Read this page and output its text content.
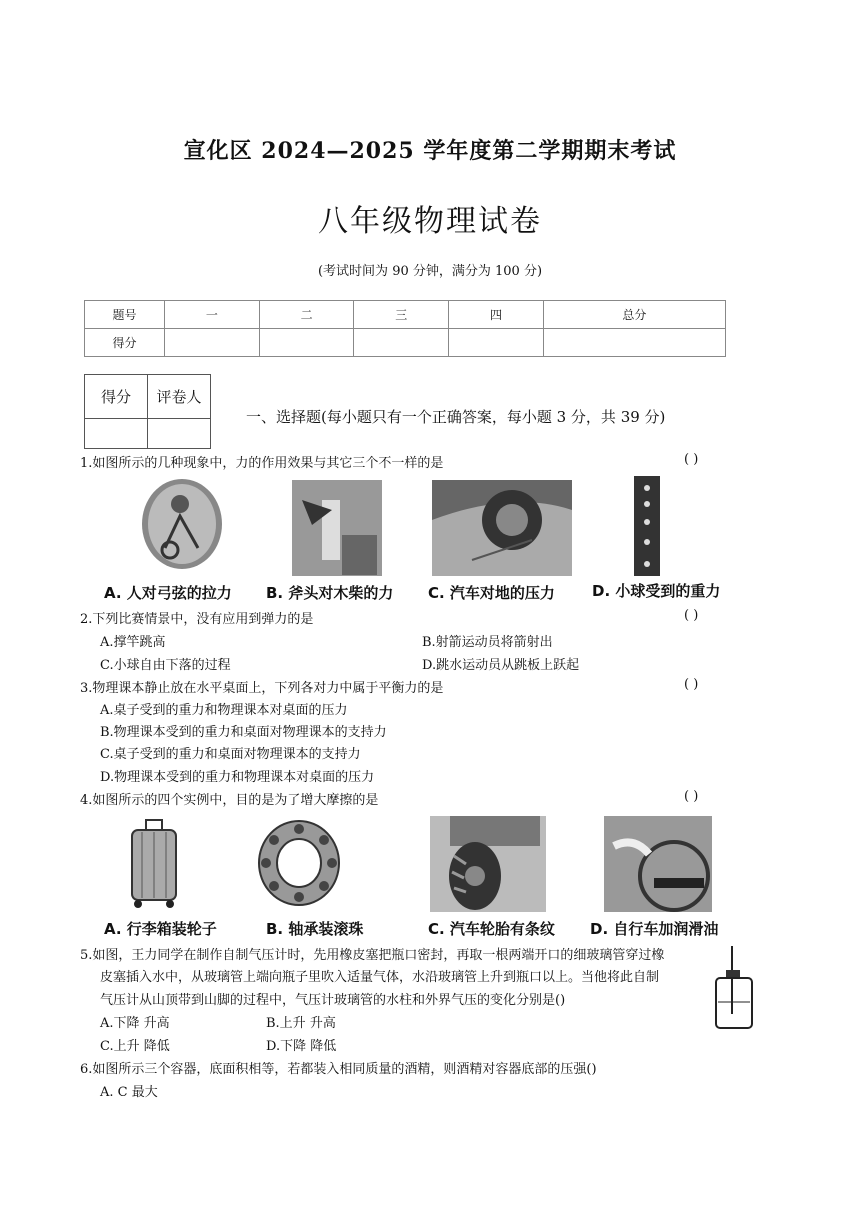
宣化区 2024—2025 学年度第二学期期末考试
八年级物理试卷
(考试时间为 90 分钟，满分为 100 分)
题号	一	二	三	四	总分
得分					
得分	评卷人

一、选择题(每小题只有一个正确答案，每小题 3 分，共 39 分)
1.如图所示的几种现象中，力的作用效果与其它三个不一样的是	( )
A. 人对弓弦的拉力 B. 斧头对木柴的力 C. 汽车对地的压力 D. 小球受到的重力
2.下列比赛情景中，没有应用到弹力的是	( )
A.撑竿跳高	B.射箭运动员将箭射出
C.小球自由下落的过程	D.跳水运动员从跳板上跃起
3.物理课本静止放在水平桌面上，下列各对力中属于平衡力的是	( )
A.桌子受到的重力和物理课本对桌面的压力
B.物理课本受到的重力和桌面对物理课本的支持力
C.桌子受到的重力和桌面对物理课本的支持力
D.物理课本受到的重力和物理课本对桌面的压力
4.如图所示的四个实例中，目的是为了增大摩擦的是	( )
A. 行李箱装轮子	B. 轴承装滚珠	C. 汽车轮胎有条纹 D. 自行车加润滑油
5.如图，王力同学在制作自制气压计时，先用橡皮塞把瓶口密封，再取一根两端开口的细玻璃管穿过橡
皮塞插入水中，从玻璃管上端向瓶子里吹入适量气体，水沿玻璃管上升到瓶口以上。当他将此自制
气压计从山顶带到山脚的过程中，气压计玻璃管的水柱和外界气压的变化分别是()
A.下降 升高	B.上升 升高
C.上升 降低	D.下降 降低
6.如图所示三个容器，底面积相等，若都装入相同质量的酒精，则酒精对容器底部的压强()
A. C 最大
